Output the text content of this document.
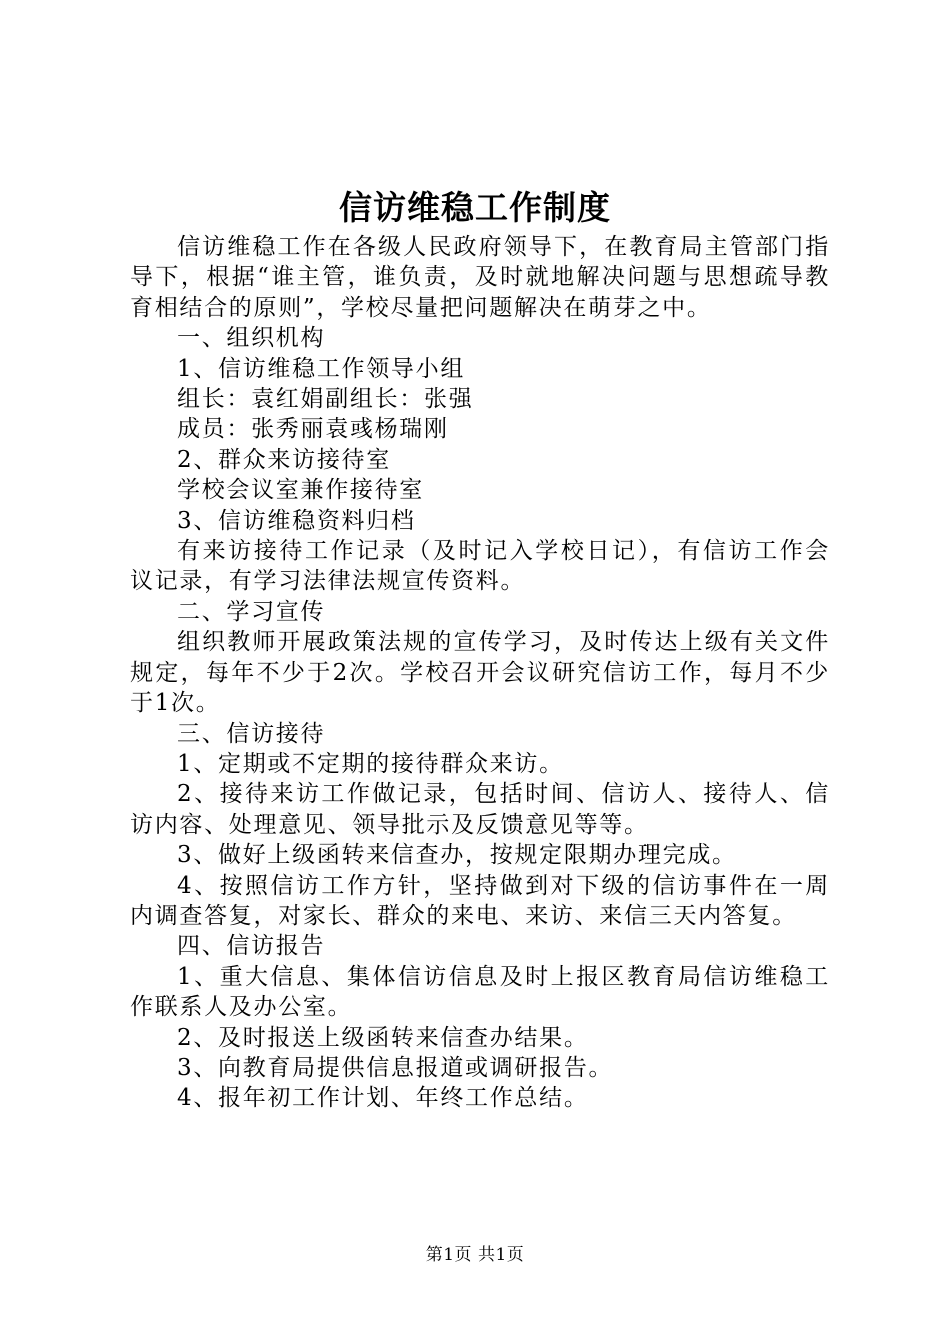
信访维稳工作制度

信访维稳工作在各级人民政府领导下，在教育局主管部门指导下，根据“谁主管，谁负责，及时就地解决问题与思想疏导教育相结合的原则”，学校尽量把问题解决在萌芽之中。

一、组织机构

1、信访维稳工作领导小组

组长：袁红娟副组长：张强

成员：张秀丽袁彧杨瑞刚

2、群众来访接待室

学校会议室兼作接待室

3、信访维稳资料归档

有来访接待工作记录（及时记入学校日记），有信访工作会议记录，有学习法律法规宣传资料。

二、学习宣传

组织教师开展政策法规的宣传学习，及时传达上级有关文件规定，每年不少于2次。学校召开会议研究信访工作，每月不少于1次。

三、信访接待

1、定期或不定期的接待群众来访。

2、接待来访工作做记录，包括时间、信访人、接待人、信访内容、处理意见、领导批示及反馈意见等等。

3、做好上级函转来信查办，按规定限期办理完成。

4、按照信访工作方针，坚持做到对下级的信访事件在一周内调查答复，对家长、群众的来电、来访、来信三天内答复。

四、信访报告

1、重大信息、集体信访信息及时上报区教育局信访维稳工作联系人及办公室。

2、及时报送上级函转来信查办结果。

3、向教育局提供信息报道或调研报告。

4、报年初工作计划、年终工作总结。

第1页 共1页
